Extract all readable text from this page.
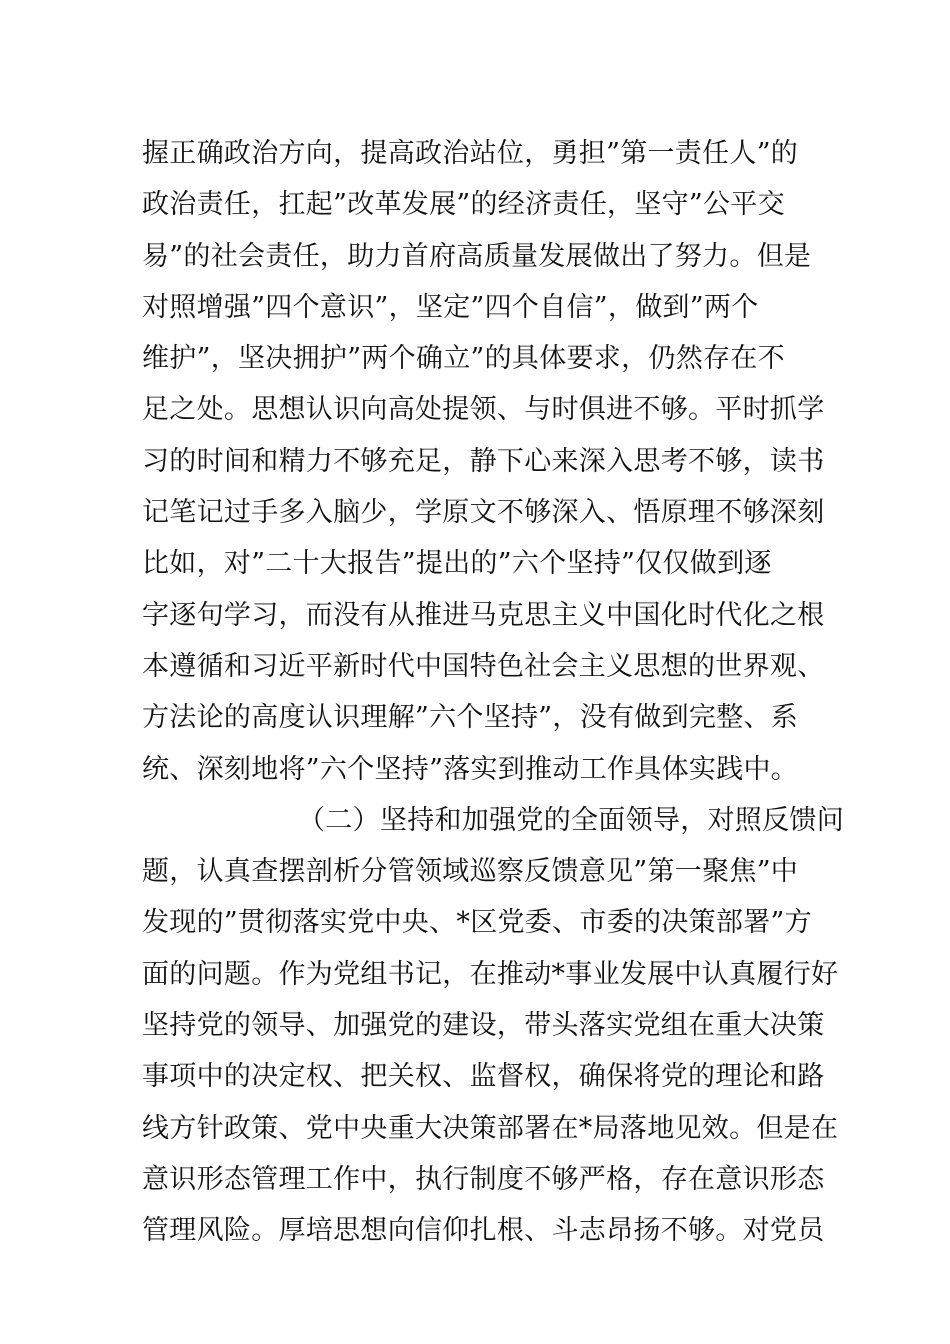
握正确政治方向，提高政治站位，勇担”第一责任人”的
政治责任，扛起”改革发展”的经济责任，坚守”公平交
易”的社会责任，助力首府高质量发展做出了努力。但是
对照增强”四个意识”，坚定”四个自信”，做到”两个
维护”，坚决拥护”两个确立”的具体要求，仍然存在不
足之处。思想认识向高处提领、与时俱进不够。平时抓学
习的时间和精力不够充足，静下心来深入思考不够，读书
记笔记过手多入脑少，学原文不够深入、悟原理不够深刻
比如，对”二十大报告”提出的”六个坚持”仅仅做到逐
字逐句学习，而没有从推进马克思主义中国化时代化之根
本遵循和习近平新时代中国特色社会主义思想的世界观、
方法论的高度认识理解”六个坚持”，没有做到完整、系
统、深刻地将”六个坚持”落实到推动工作具体实践中。
（二）坚持和加强党的全面领导，对照反馈问
题，认真查摆剖析分管领域巡察反馈意见”第一聚焦”中
发现的”贯彻落实党中央、*区党委、市委的决策部署”方
面的问题。作为党组书记，在推动*事业发展中认真履行好
坚持党的领导、加强党的建设，带头落实党组在重大决策
事项中的决定权、把关权、监督权，确保将党的理论和路
线方针政策、党中央重大决策部署在*局落地见效。但是在
意识形态管理工作中，执行制度不够严格，存在意识形态
管理风险。厚培思想向信仰扎根、斗志昂扬不够。对党员
